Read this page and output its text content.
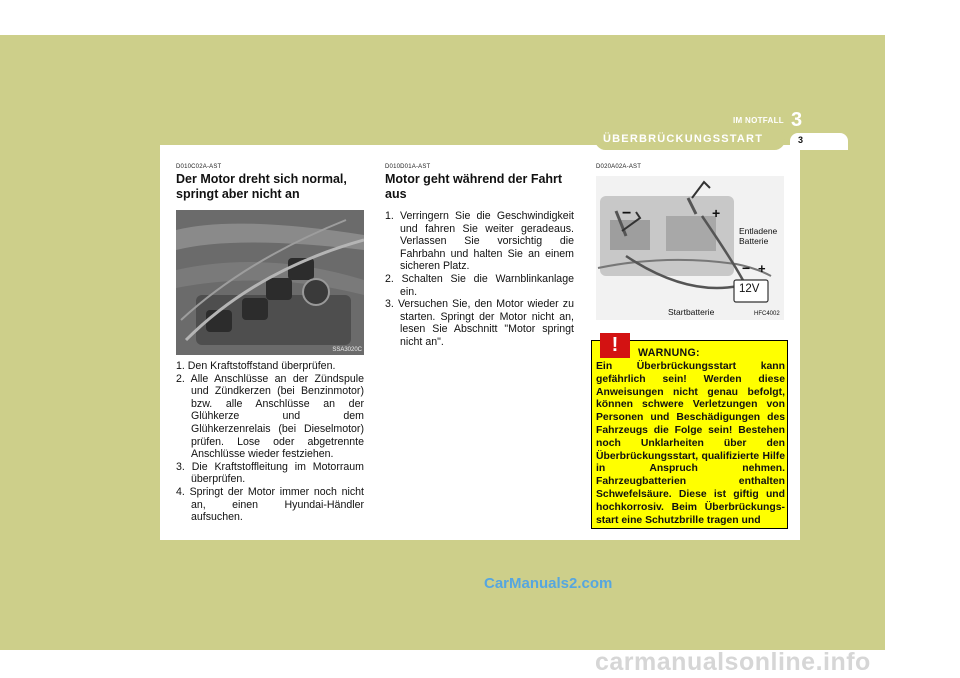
IM NOTFALL 3
ÜBERBRÜCKUNGSSTART	3
D010C02A-AST
Der Motor dreht sich normal, springt aber nicht an
SSA3020C
1. Den Kraftstoffstand überprüfen.
2. Alle Anschlüsse an der Zündspule und Zündkerzen (bei Benzinmotor) bzw. alle Anschlüsse an der Glühkerze und dem Glühkerzenrelais (bei Dieselmotor) prüfen. Lose oder abgetrennte Anschlüsse wieder festziehen.
3. Die Kraftstoffleitung im Motorraum überprüfen.
4. Springt der Motor immer noch nicht an, einen Hyundai-Händler aufsuchen.
D010D01A-AST
Motor geht während der Fahrt aus
1. Verringern Sie die Geschwindigkeit und fahren Sie weiter geradeaus. Verlassen Sie vorsichtig die Fahrbahn und halten Sie an einem sicheren Platz.
2. Schalten Sie die Warnblinkanlage ein.
3. Versuchen Sie, den Motor wieder zu starten. Springt der Motor nicht an, lesen Sie Abschnitt "Motor springt nicht an".
D020A02A-AST
−	+
Entladene
Batterie
− +
12V
Startbatterie	HFC4002
!	WARNUNG:
Ein Überbrückungsstart kann gefährlich sein! Werden diese Anweisungen nicht genau befolgt, können schwere Verletzungen von Personen und Beschädigungen des Fahrzeugs die Folge sein! Bestehen noch Unklarheiten über den Überbrückungsstart, qualifizierte Hilfe in Anspruch nehmen. Fahrzeugbatterien enthalten Schwefelsäure. Diese ist giftig und hochkorrosiv. Beim Überbrückungs-start eine Schutzbrille tragen und
CarManuals2.com
carmanualsonline.info
